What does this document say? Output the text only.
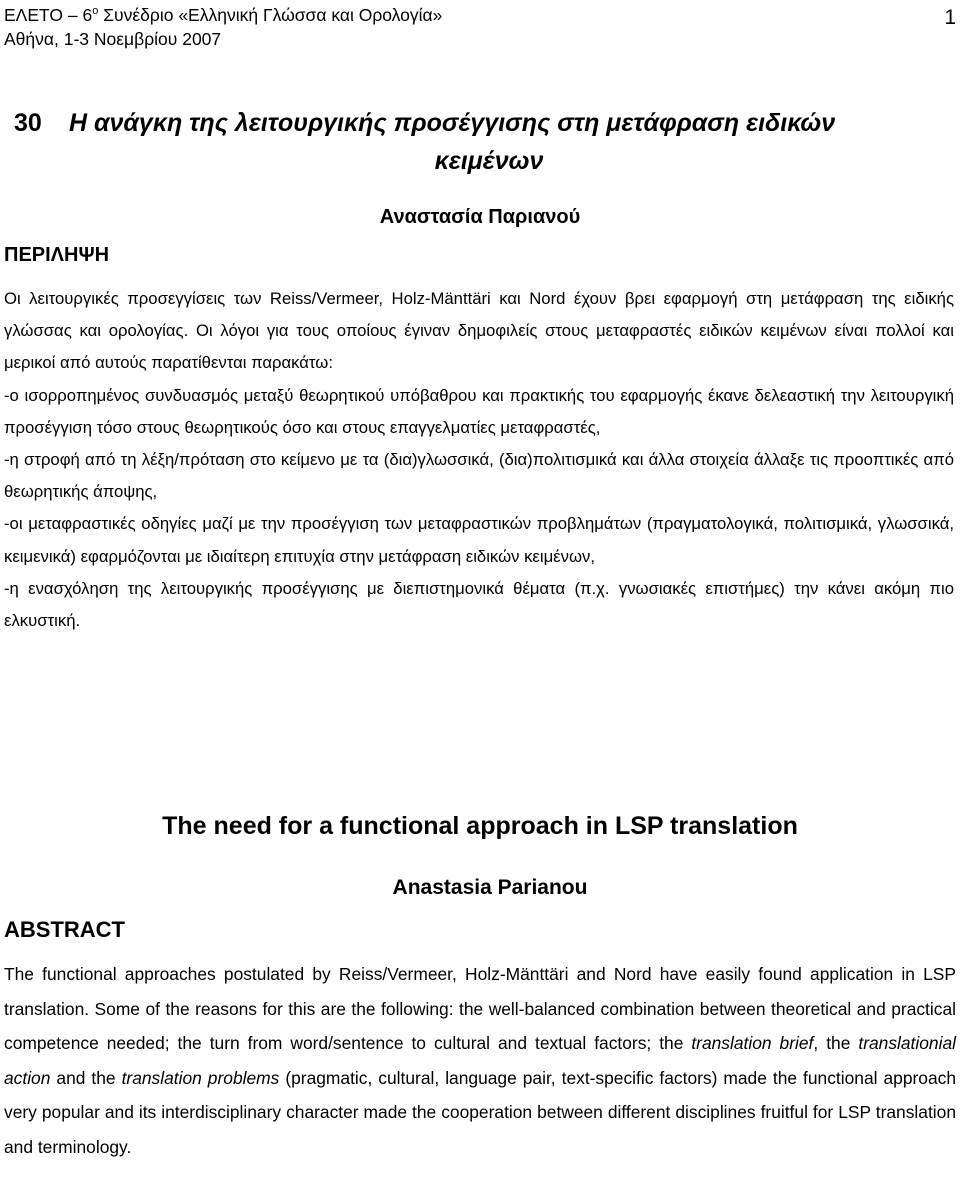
ΕΛΕΤΟ – $6^o$ Συνέδριο «Ελληνική Γλώσσα και Ορολογία»
Αθήνα, 1-3 Νοεμβρίου 2007
1
30 Η ανάγκη της λειτουργικής προσέγγισης στη μετάφραση ειδικών
κειμένων
Αναστασία Παριανού
ΠΕΡΙΛΗΨΗ

Οι λειτουργικές προσεγγίσεις των Reiss/Vermeer, Holz-Mänttäri και Nord έχουν βρει εφαρμογή στη μετάφραση της ειδικής γλώσσας και ορολογίας. Οι λόγοι για τους οποίους έγιναν δημοφιλείς στους μεταφραστές ειδικών κειμένων είναι πολλοί και μερικοί από αυτούς παρατίθενται παρακάτω:

-ο ισορροπημένος συνδυασμός μεταξύ θεωρητικού υπόβαθρου και πρακτικής του εφαρμογής έκανε δελεαστική την λειτουργική προσέγγιση τόσο στους θεωρητικούς όσο και στους επαγγελματίες μεταφραστές,

-η στροφή από τη λέξη/πρόταση στο κείμενο με τα (δια)γλωσσικά, (δια)πολιτισμικά και άλλα στοιχεία άλλαξε τις προοπτικές από θεωρητικής άποψης,

-οι μεταφραστικές οδηγίες μαζί με την προσέγγιση των μεταφραστικών προβλημάτων (πραγματολογικά, πολιτισμικά, γλωσσικά, κειμενικά) εφαρμόζονται με ιδιαίτερη επιτυχία στην μετάφραση ειδικών κειμένων,

-η ενασχόληση της λειτουργικής προσέγγισης με διεπιστημονικά θέματα (π.χ. γνωσιακές επιστήμες) την κάνει ακόμη πιο ελκυστική.

The need for a functional approach in LSP translation
Anastasia Parianou
ABSTRACT

The functional approaches postulated by Reiss/Vermeer, Holz-Mänttäri and Nord have easily found application in LSP translation. Some of the reasons for this are the following: the well-balanced combination between theoretical and practical competence needed; the turn from word/sentence to cultural and textual factors; the translation brief, the translationial action and the translation problems (pragmatic, cultural, language pair, text-specific factors) made the functional approach very popular and its interdisciplinary character made the cooperation between different disciplines fruitful for LSP translation and terminology.
